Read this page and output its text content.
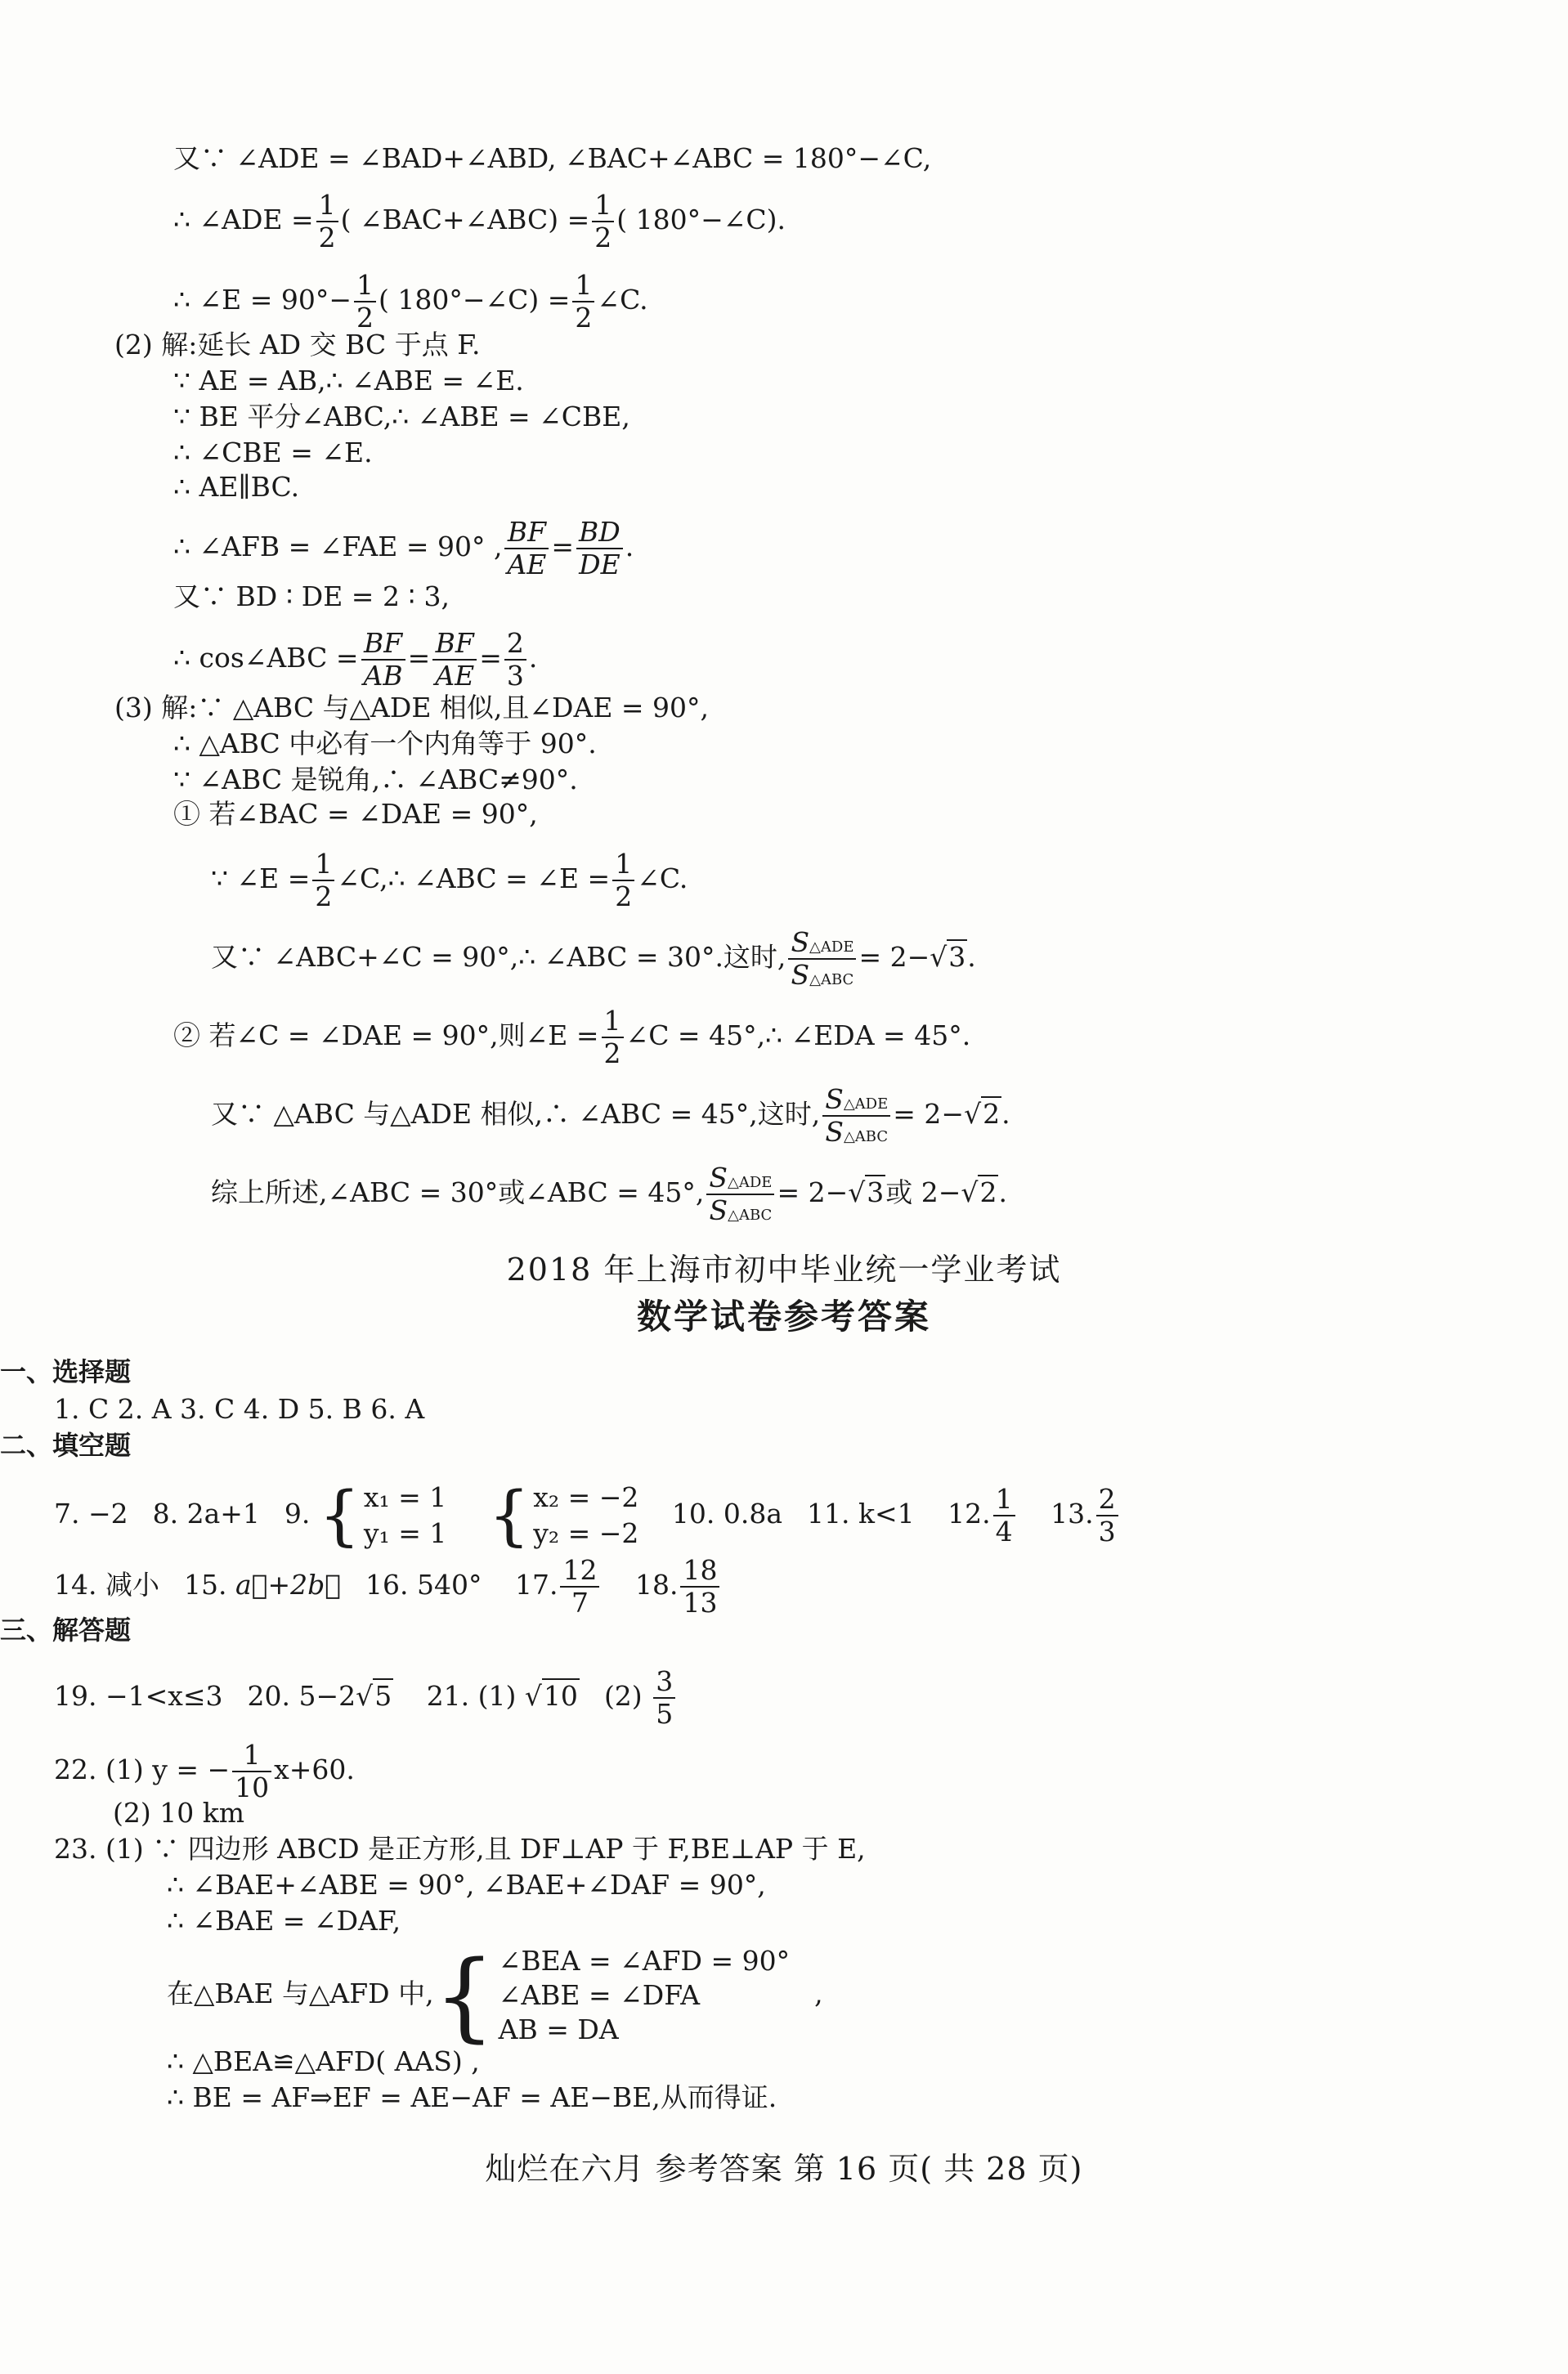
又∵ ∠ADE = ∠BAD+∠ABD, ∠BAC+∠ABC = 180°−∠C,
∴ ∠ADE = $\frac{1}{2}$ ( ∠BAC+∠ABC) = $\frac{1}{2}$ ( 180°−∠C).
∴ ∠E = $90^\circ- \frac{1}{2}$ ( 180°−∠C) = $\frac{1}{2}$ ∠C.
(2) 解:延长 AD 交 BC 于点 F.
∵ AE = AB,∴ ∠ABE = ∠E.
∵ BE 平分∠ABC,∴ ∠ABE = ∠CBE,
∴ ∠CBE = ∠E.
∴ AE∥BC.
∴ ∠AFB = ∠FAE = 90° , $\frac{BF}{AE} = \frac{BD}{DE}$ .
又∵ BD ∶ DE = 2 ∶ 3,
∴ cos∠ABC = $\frac{BF}{AB} = \frac{BF}{AE} = \frac{2}{3}$ .
(3) 解:∵ △ABC 与△ADE 相似,且∠DAE = 90°,
∴ △ABC 中必有一个内角等于 90°.
∵ ∠ABC 是锐角,∴ ∠ABC≠90°.
① 若∠BAC = ∠DAE = 90°,
∵ ∠E = $\frac{1}{2}$ ∠C,∴ ∠ABC = ∠E = $\frac{1}{2}$ ∠C.
又∵ ∠ABC+∠C = 90°,∴ ∠ABC = 30°.这时, S△ADE
S△ABC
= 2−√3.
② 若∠C = ∠DAE = 90°,则∠E = $\frac{1}{2}$ ∠C = 45°,∴ ∠EDA = 45°.
又∵ △ABC 与△ADE 相似,∴ ∠ABC = 45°,这时, S△ADE
S△ABC
= 2−√2.
综上所述,∠ABC = 30°或∠ABC = 45°, S△ADE
S△ABC
= 2−√3或 2−√2.
2018 年上海市初中毕业统一学业考试
数学试卷参考答案
一、选择题
1. C 2. A 3. C 4. D 5. B 6. A
二、填空题
7. −2 8. 2a+1 9. { x₁ = 1
y₁ = 1 { x₂ = −2
y₂ = −2
10. 0.8a 11. k<1 12. $\frac{1}{4} 13$. $\frac{2}{3}$
14. 减小 15. a⃗+2b⃗ 16. 540° 17. $\frac{12}{7} 18$. $\frac{18}{13}$
三、解答题
19. −1<x≤3 20. 5−2√5 21. (1) √10 $(2) \frac{3}{5}$
22. (1) y = − $\frac{1}{10} x+60$.
(2) 10 km
23. (1) ∵ 四边形 ABCD 是正方形,且 DF⊥AP 于 F,BE⊥AP 于 E,
∴ ∠BAE+∠ABE = 90°, ∠BAE+∠DAF = 90°,
∴ ∠BAE = ∠DAF,
在△BAE 与△AFD 中,{ ∠BEA = ∠AFD = 90°
∠ABE = ∠DFA
AB = DA
,
∴ △BEA≌△AFD( AAS) ,
∴ BE = AF⇒EF = AE−AF = AE−BE,从而得证.
灿烂在六月 参考答案 第 16 页( 共 28 页)
